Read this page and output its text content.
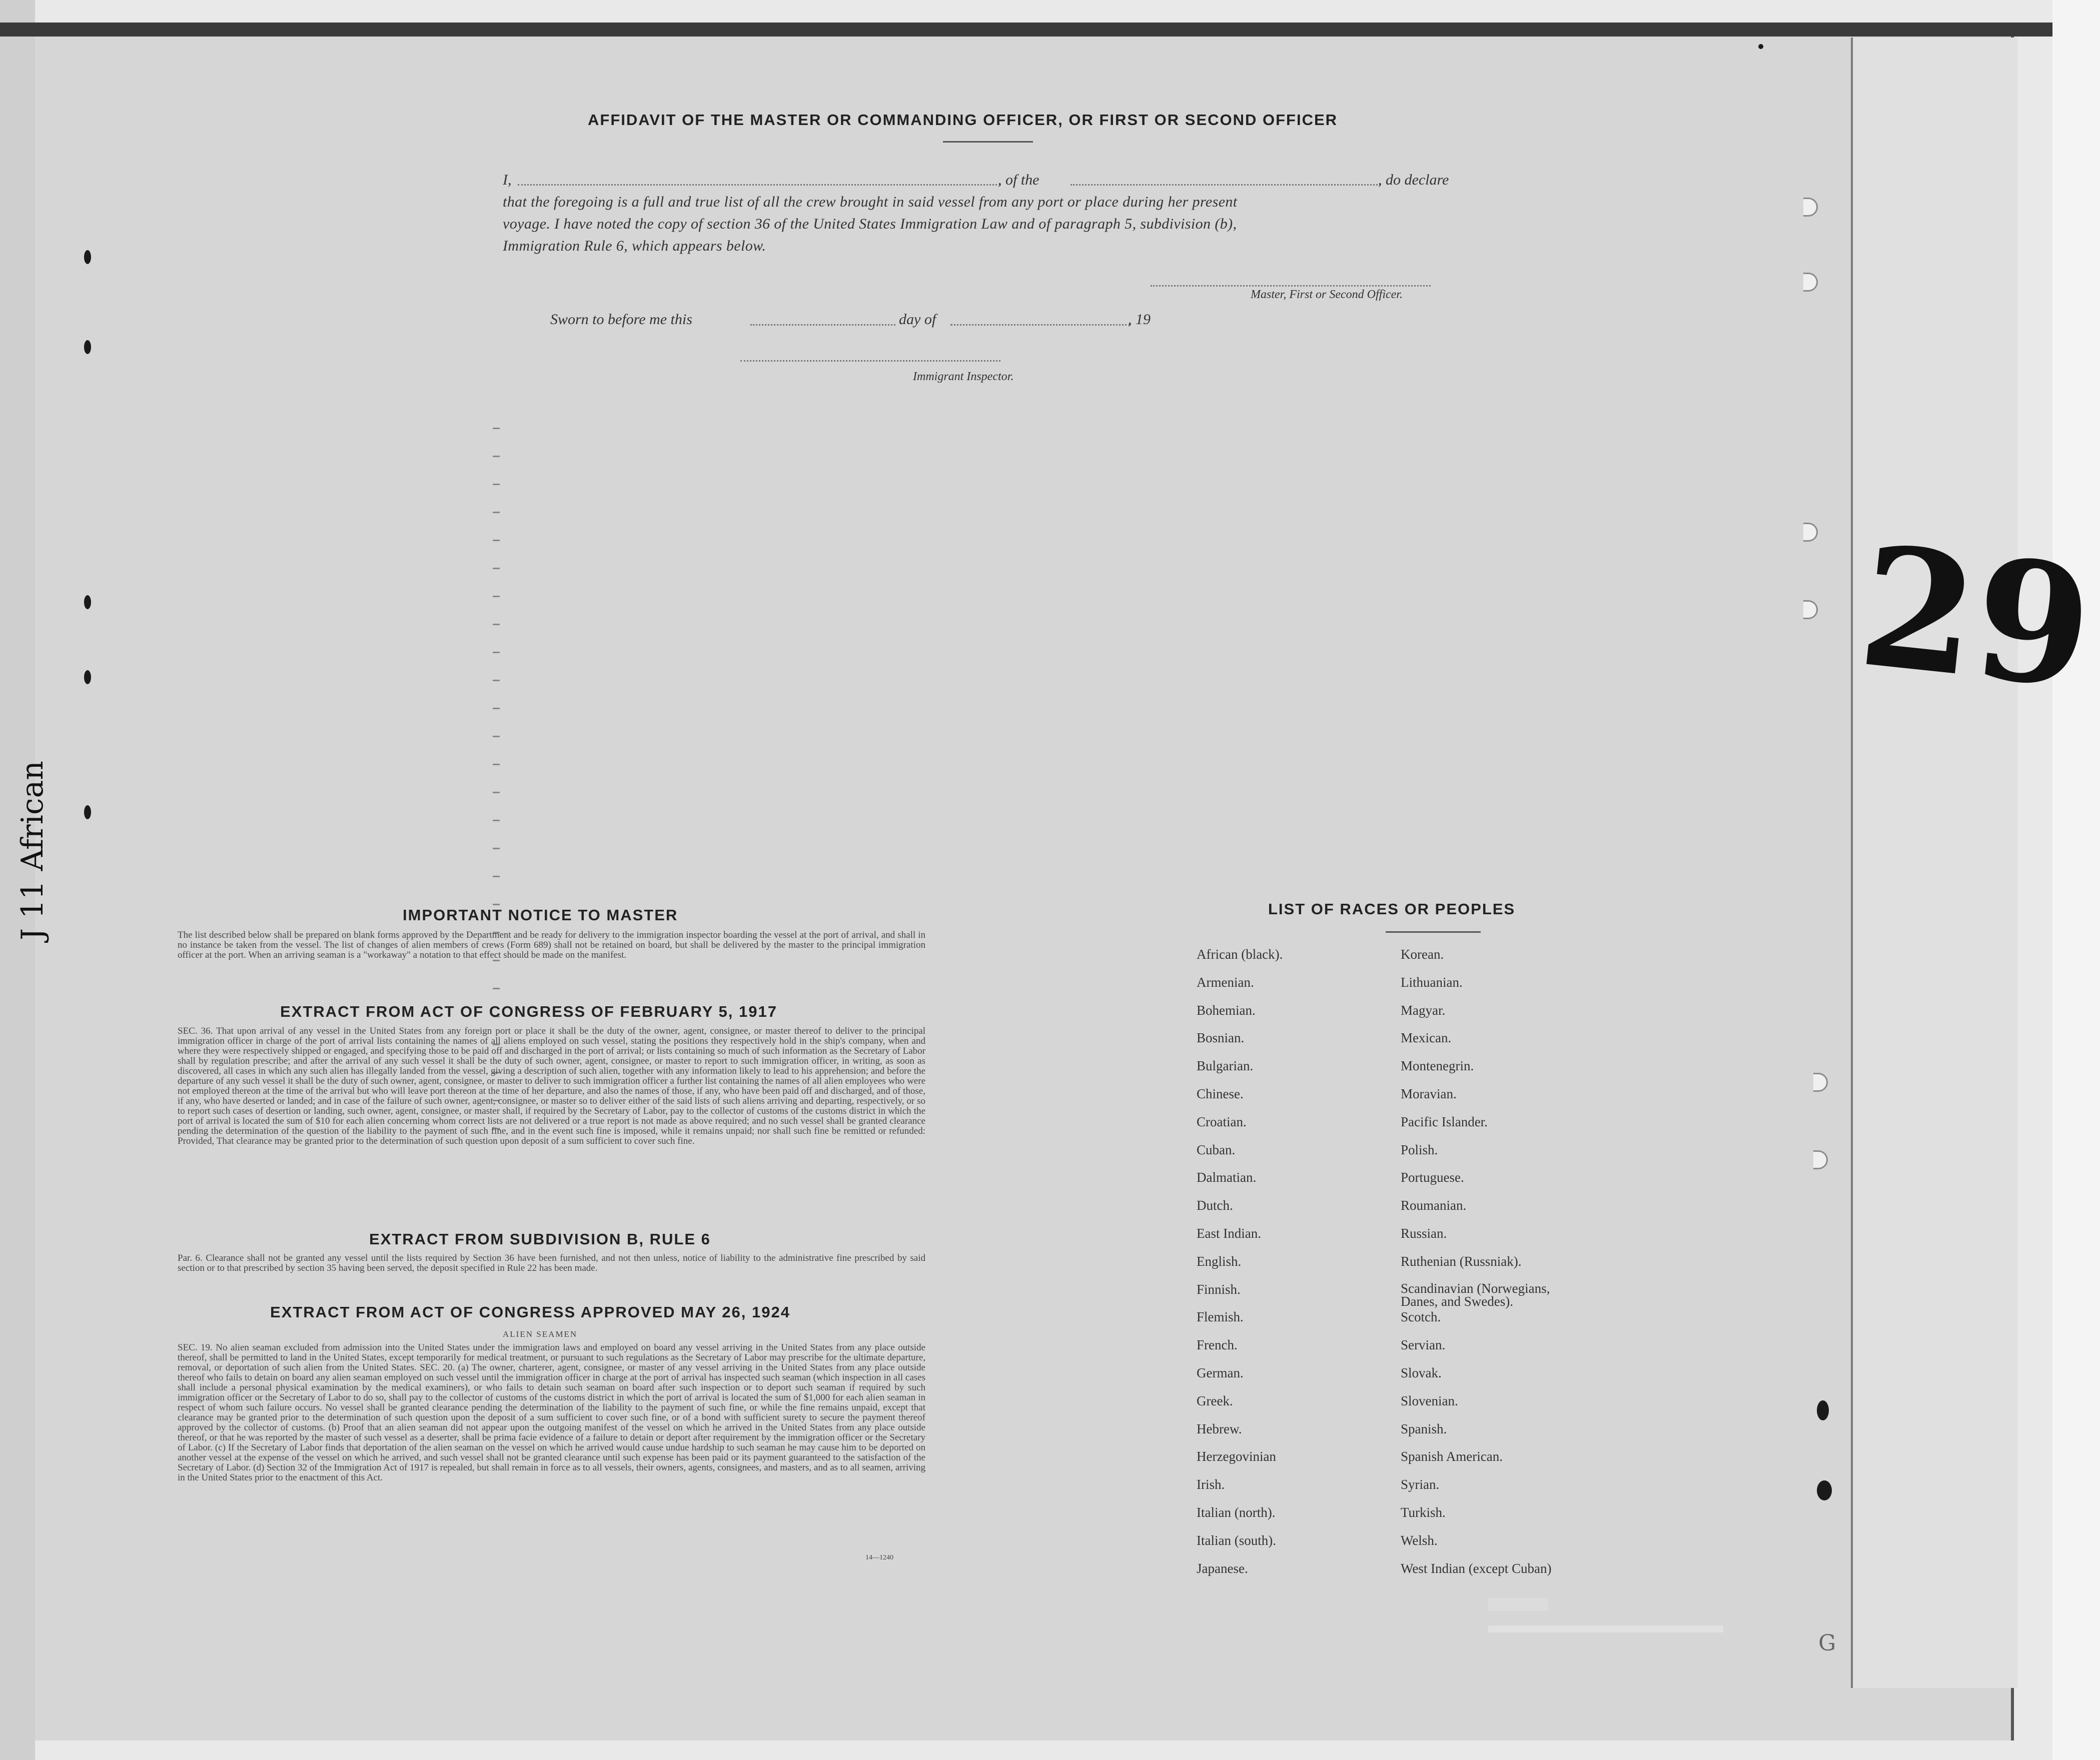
29
J 11 African
G
AFFIDAVIT OF THE MASTER OR COMMANDING OFFICER, OR FIRST OR SECOND OFFICER
I,	, of the	, do declare
that the foregoing is a full and true list of all the crew brought in said vessel from any port or place during her present
voyage. I have noted the copy of section 36 of the United States Immigration Law and of paragraph 5, subdivision (b),
Immigration Rule 6, which appears below.
Master, First or Second Officer.
Sworn to before me this	day of	, 19
Immigrant Inspector.
IMPORTANT NOTICE TO MASTER
The list described below shall be prepared on blank forms approved by the Department and be ready for delivery to the immigration inspector boarding the vessel at the port of arrival, and shall in no instance be taken from the vessel. The list of changes of alien members of crews (Form 689) shall not be retained on board, but shall be delivered by the master to the principal immigration officer at the port. When an arriving seaman is a "workaway" a notation to that effect should be made on the manifest.
EXTRACT FROM ACT OF CONGRESS OF FEBRUARY 5, 1917
SEC. 36. That upon arrival of any vessel in the United States from any foreign port or place it shall be the duty of the owner, agent, consignee, or master thereof to deliver to the principal immigration officer in charge of the port of arrival lists containing the names of all aliens employed on such vessel, stating the positions they respectively hold in the ship's company, when and where they were respectively shipped or engaged, and specifying those to be paid off and discharged in the port of arrival; or lists containing so much of such information as the Secretary of Labor shall by regulation prescribe; and after the arrival of any such vessel it shall be the duty of such owner, agent, consignee, or master to report to such immigration officer, in writing, as soon as discovered, all cases in which any such alien has illegally landed from the vessel, giving a description of such alien, together with any information likely to lead to his apprehension; and before the departure of any such vessel it shall be the duty of such owner, agent, consignee, or master to deliver to such immigration officer a further list containing the names of all alien employees who were not employed thereon at the time of the arrival but who will leave port thereon at the time of her departure, and also the names of those, if any, who have been paid off and discharged, and of those, if any, who have deserted or landed; and in case of the failure of such owner, agent, consignee, or master so to deliver either of the said lists of such aliens arriving and departing, respectively, or so to report such cases of desertion or landing, such owner, agent, consignee, or master shall, if required by the Secretary of Labor, pay to the collector of customs of the customs district in which the port of arrival is located the sum of $10 for each alien concerning whom correct lists are not delivered or a true report is not made as above required; and no such vessel shall be granted clearance pending the determination of the question of the liability to the payment of such fine, and in the event such fine is imposed, while it remains unpaid; nor shall such fine be remitted or refunded: Provided, That clearance may be granted prior to the determination of such question upon deposit of a sum sufficient to cover such fine.
EXTRACT FROM SUBDIVISION B, RULE 6
Par. 6. Clearance shall not be granted any vessel until the lists required by Section 36 have been furnished, and not then unless, notice of liability to the administrative fine prescribed by said section or to that prescribed by section 35 having been served, the deposit specified in Rule 22 has been made.
EXTRACT FROM ACT OF CONGRESS APPROVED MAY 26, 1924
ALIEN SEAMEN
SEC. 19. No alien seaman excluded from admission into the United States under the immigration laws and employed on board any vessel arriving in the United States from any place outside thereof, shall be permitted to land in the United States, except temporarily for medical treatment, or pursuant to such regulations as the Secretary of Labor may prescribe for the ultimate departure, removal, or deportation of such alien from the United States. SEC. 20. (a) The owner, charterer, agent, consignee, or master of any vessel arriving in the United States from any place outside thereof who fails to detain on board any alien seaman employed on such vessel until the immigration officer in charge at the port of arrival has inspected such seaman (which inspection in all cases shall include a personal physical examination by the medical examiners), or who fails to detain such seaman on board after such inspection or to deport such seaman if required by such immigration officer or the Secretary of Labor to do so, shall pay to the collector of customs of the customs district in which the port of arrival is located the sum of $1,000 for each alien seaman in respect of whom such failure occurs. No vessel shall be granted clearance pending the determination of the liability to the payment of such fine, or while the fine remains unpaid, except that clearance may be granted prior to the determination of such question upon the deposit of a sum sufficient to cover such fine, or of a bond with sufficient surety to secure the payment thereof approved by the collector of customs. (b) Proof that an alien seaman did not appear upon the outgoing manifest of the vessel on which he arrived in the United States from any place outside thereof, or that he was reported by the master of such vessel as a deserter, shall be prima facie evidence of a failure to detain or deport after requirement by the immigration officer or the Secretary of Labor. (c) If the Secretary of Labor finds that deportation of the alien seaman on the vessel on which he arrived would cause undue hardship to such seaman he may cause him to be deported on another vessel at the expense of the vessel on which he arrived, and such vessel shall not be granted clearance until such expense has been paid or its payment guaranteed to the satisfaction of the Secretary of Labor. (d) Section 32 of the Immigration Act of 1917 is repealed, but shall remain in force as to all vessels, their owners, agents, consignees, and masters, and as to all seamen, arriving in the United States prior to the enactment of this Act.
14—1240
LIST OF RACES OR PEOPLES
African (black).
Armenian.
Bohemian.
Bosnian.
Bulgarian.
Chinese.
Croatian.
Cuban.
Dalmatian.
Dutch.
East Indian.
English.
Finnish.
Flemish.
French.
German.
Greek.
Hebrew.
Herzegovinian
Irish.
Italian (north).
Italian (south).
Japanese.
Korean.
Lithuanian.
Magyar.
Mexican.
Montenegrin.
Moravian.
Pacific Islander.
Polish.
Portuguese.
Roumanian.
Russian.
Ruthenian (Russniak).
Scandinavian (Norwegians, Danes, and Swedes).
Scotch.
Servian.
Slovak.
Slovenian.
Spanish.
Spanish American.
Syrian.
Turkish.
Welsh.
West Indian (except Cuban)
